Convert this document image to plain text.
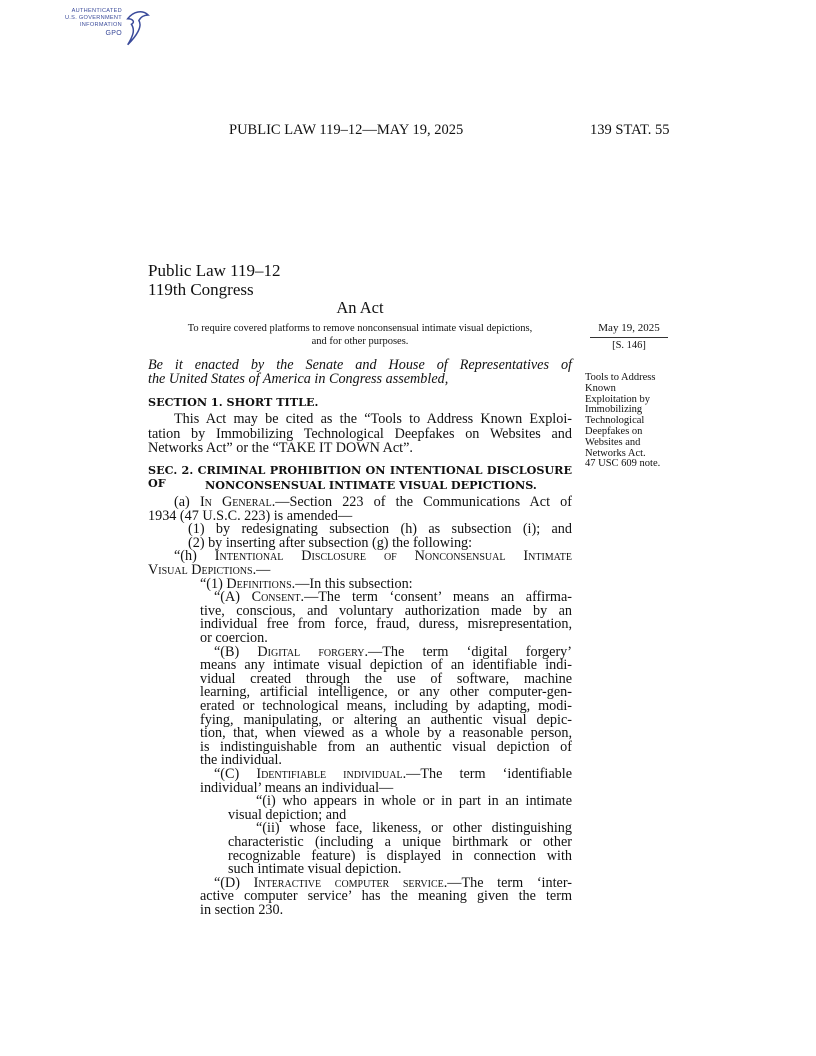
AUTHENTICATED
U.S. GOVERNMENT
INFORMATION
GPO
PUBLIC LAW 119–12—MAY 19, 2025	139 STAT. 55
Public Law 119–12
119th Congress
An Act
To require covered platforms to remove nonconsensual intimate visual depictions,
and for other purposes.
May 19, 2025
[S. 146]
Tools to Address
Known
Exploitation by
Immobilizing
Technological
Deepfakes on
Websites and
Networks Act.
47 USC 609 note.
Be it enacted by the Senate and House of Representatives of
the United States of America in Congress assembled,
SECTION 1. SHORT TITLE.
This Act may be cited as the “Tools to Address Known Exploi-
tation by Immobilizing Technological Deepfakes on Websites and
Networks Act” or the “TAKE IT DOWN Act”.
SEC. 2. CRIMINAL PROHIBITION ON INTENTIONAL DISCLOSURE OF	NONCONSENSUAL INTIMATE VISUAL DEPICTIONS.
(a) In General.—Section 223 of the Communications Act of
1934 (47 U.S.C. 223) is amended—
(1) by redesignating subsection (h) as subsection (i); and
(2) by inserting after subsection (g) the following:
“(h) Intentional Disclosure of Nonconsensual Intimate
Visual Depictions.—
“(1) Definitions.—In this subsection:
“(A) Consent.—The term ‘consent’ means an affirma-
tive, conscious, and voluntary authorization made by an
individual free from force, fraud, duress, misrepresentation,
or coercion.
“(B) Digital forgery.—The term ‘digital forgery’
means any intimate visual depiction of an identifiable indi-
vidual created through the use of software, machine
learning, artificial intelligence, or any other computer-gen-
erated or technological means, including by adapting, modi-
fying, manipulating, or altering an authentic visual depic-
tion, that, when viewed as a whole by a reasonable person,
is indistinguishable from an authentic visual depiction of
the individual.
“(C) Identifiable individual.—The term ‘identifiable
individual’ means an individual—
“(i) who appears in whole or in part in an intimate
visual depiction; and
“(ii) whose face, likeness, or other distinguishing
characteristic (including a unique birthmark or other
recognizable feature) is displayed in connection with
such intimate visual depiction.
“(D) Interactive computer service.—The term ‘inter-
active computer service’ has the meaning given the term
in section 230.
